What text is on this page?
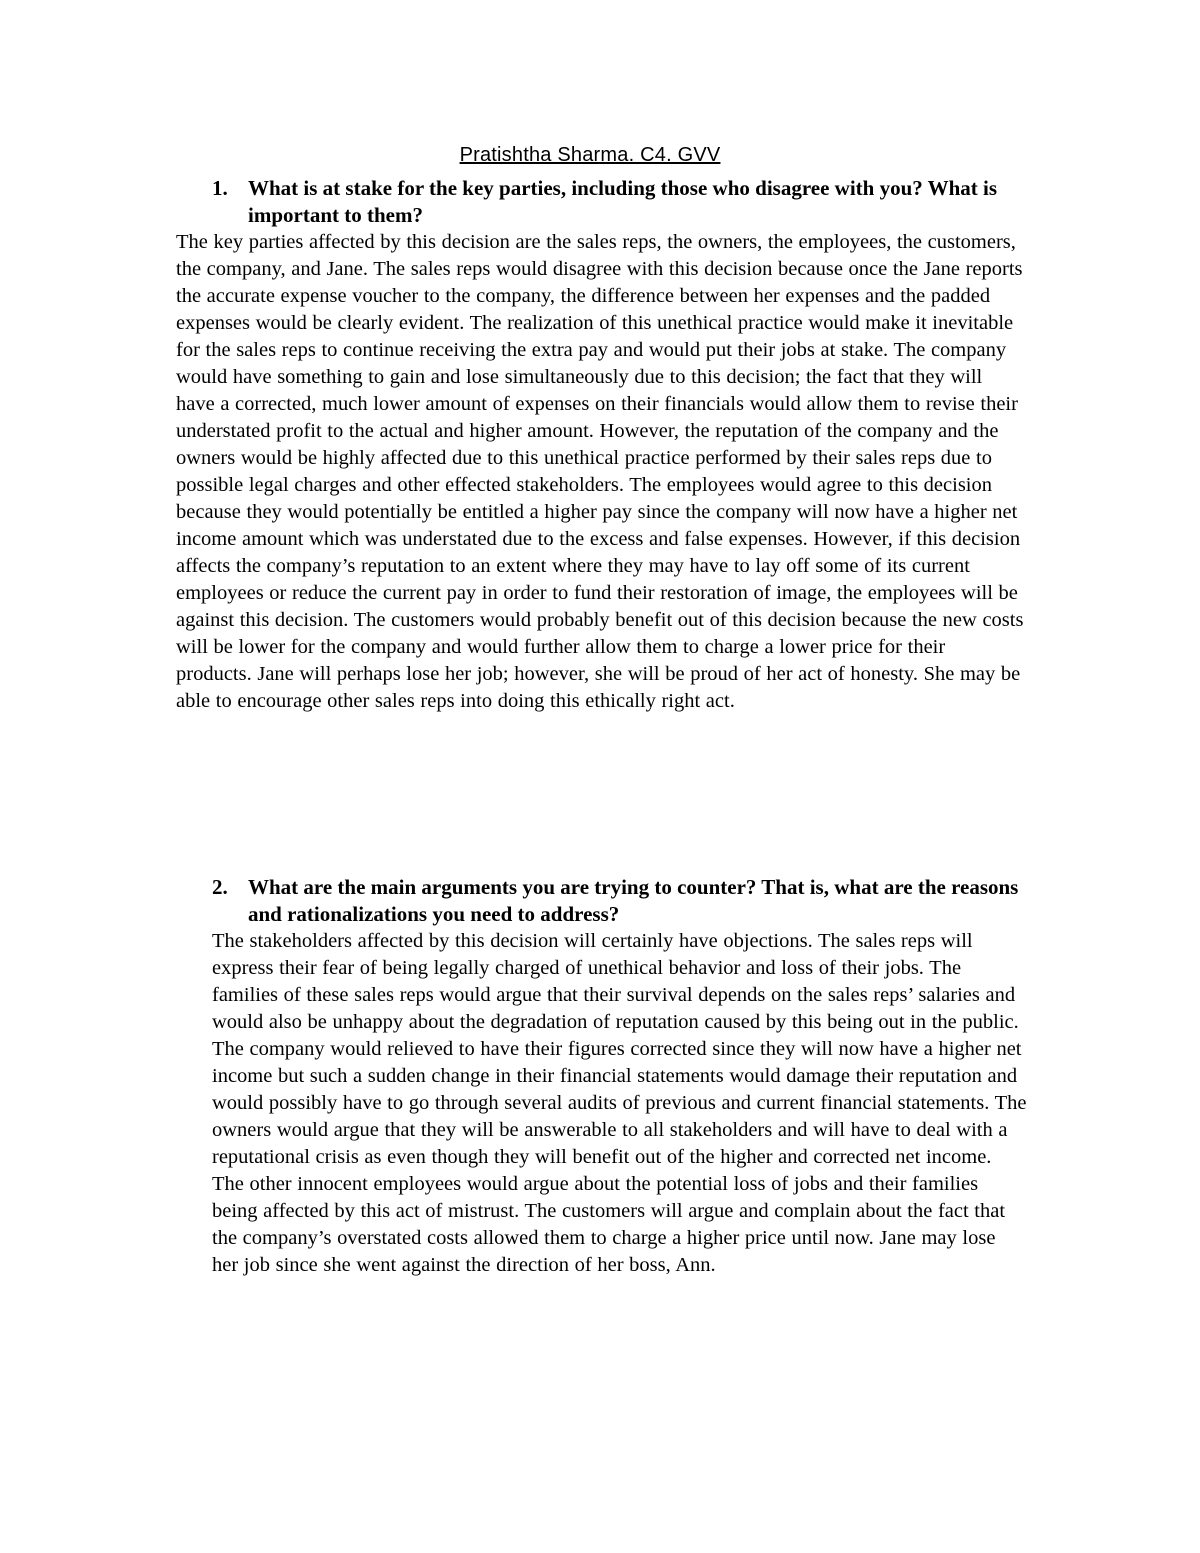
Pratishtha Sharma. C4. GVV

1. What is at stake for the key parties, including those who disagree with you? What is important to them?

The key parties affected by this decision are the sales reps, the owners, the employees, the customers, the company, and Jane. The sales reps would disagree with this decision because once the Jane reports the accurate expense voucher to the company, the difference between her expenses and the padded expenses would be clearly evident. The realization of this unethical practice would make it inevitable for the sales reps to continue receiving the extra pay and would put their jobs at stake. The company would have something to gain and lose simultaneously due to this decision; the fact that they will have a corrected, much lower amount of expenses on their financials would allow them to revise their understated profit to the actual and higher amount. However, the reputation of the company and the owners would be highly affected due to this unethical practice performed by their sales reps due to possible legal charges and other effected stakeholders. The employees would agree to this decision because they would potentially be entitled a higher pay since the company will now have a higher net income amount which was understated due to the excess and false expenses. However, if this decision affects the company’s reputation to an extent where they may have to lay off some of its current employees or reduce the current pay in order to fund their restoration of image, the employees will be against this decision. The customers would probably benefit out of this decision because the new costs will be lower for the company and would further allow them to charge a lower price for their products. Jane will perhaps lose her job; however, she will be proud of her act of honesty. She may be able to encourage other sales reps into doing this ethically right act.

2. What are the main arguments you are trying to counter? That is, what are the reasons and rationalizations you need to address?

The stakeholders affected by this decision will certainly have objections. The sales reps will express their fear of being legally charged of unethical behavior and loss of their jobs. The families of these sales reps would argue that their survival depends on the sales reps’ salaries and would also be unhappy about the degradation of reputation caused by this being out in the public. The company would relieved to have their figures corrected since they will now have a higher net income but such a sudden change in their financial statements would damage their reputation and would possibly have to go through several audits of previous and current financial statements. The owners would argue that they will be answerable to all stakeholders and will have to deal with a reputational crisis as even though they will benefit out of the higher and corrected net income. The other innocent employees would argue about the potential loss of jobs and their families being affected by this act of mistrust. The customers will argue and complain about the fact that the company’s overstated costs allowed them to charge a higher price until now. Jane may lose her job since she went against the direction of her boss, Ann.
